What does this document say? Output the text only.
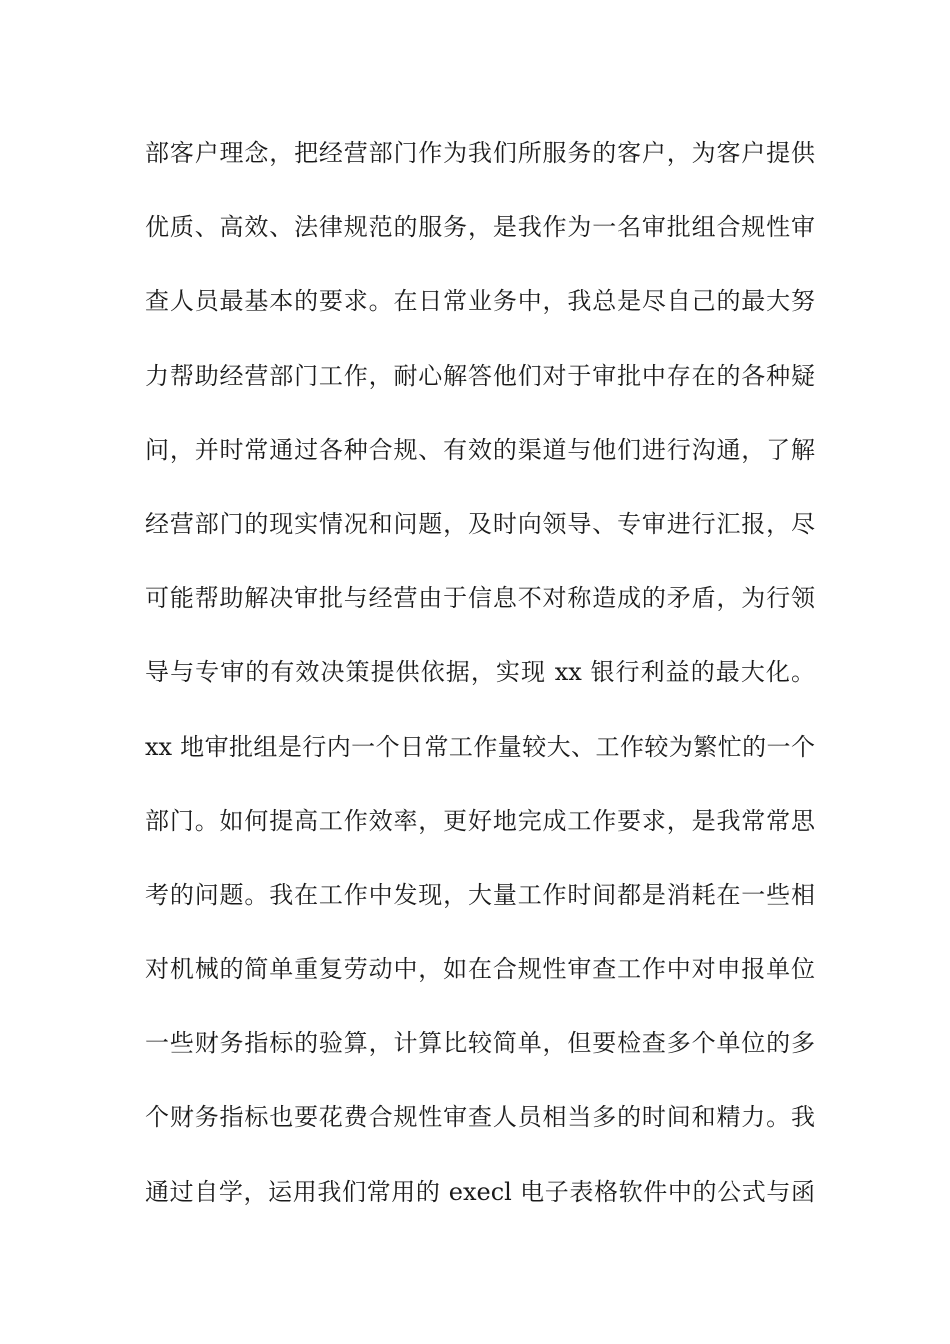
部客户理念，把经营部门作为我们所服务的客户，为客户提供
优质、高效、法律规范的服务，是我作为一名审批组合规性审
查人员最基本的要求。在日常业务中，我总是尽自己的最大努
力帮助经营部门工作，耐心解答他们对于审批中存在的各种疑
问，并时常通过各种合规、有效的渠道与他们进行沟通，了解
经营部门的现实情况和问题，及时向领导、专审进行汇报，尽
可能帮助解决审批与经营由于信息不对称造成的矛盾，为行领
导与专审的有效决策提供依据，实现 xx 银行利益的最大化。
xx 地审批组是行内一个日常工作量较大、工作较为繁忙的一个
部门。如何提高工作效率，更好地完成工作要求，是我常常思
考的问题。我在工作中发现，大量工作时间都是消耗在一些相
对机械的简单重复劳动中，如在合规性审查工作中对申报单位
一些财务指标的验算，计算比较简单，但要检查多个单位的多
个财务指标也要花费合规性审查人员相当多的时间和精力。我
通过自学，运用我们常用的 execl 电子表格软件中的公式与函
